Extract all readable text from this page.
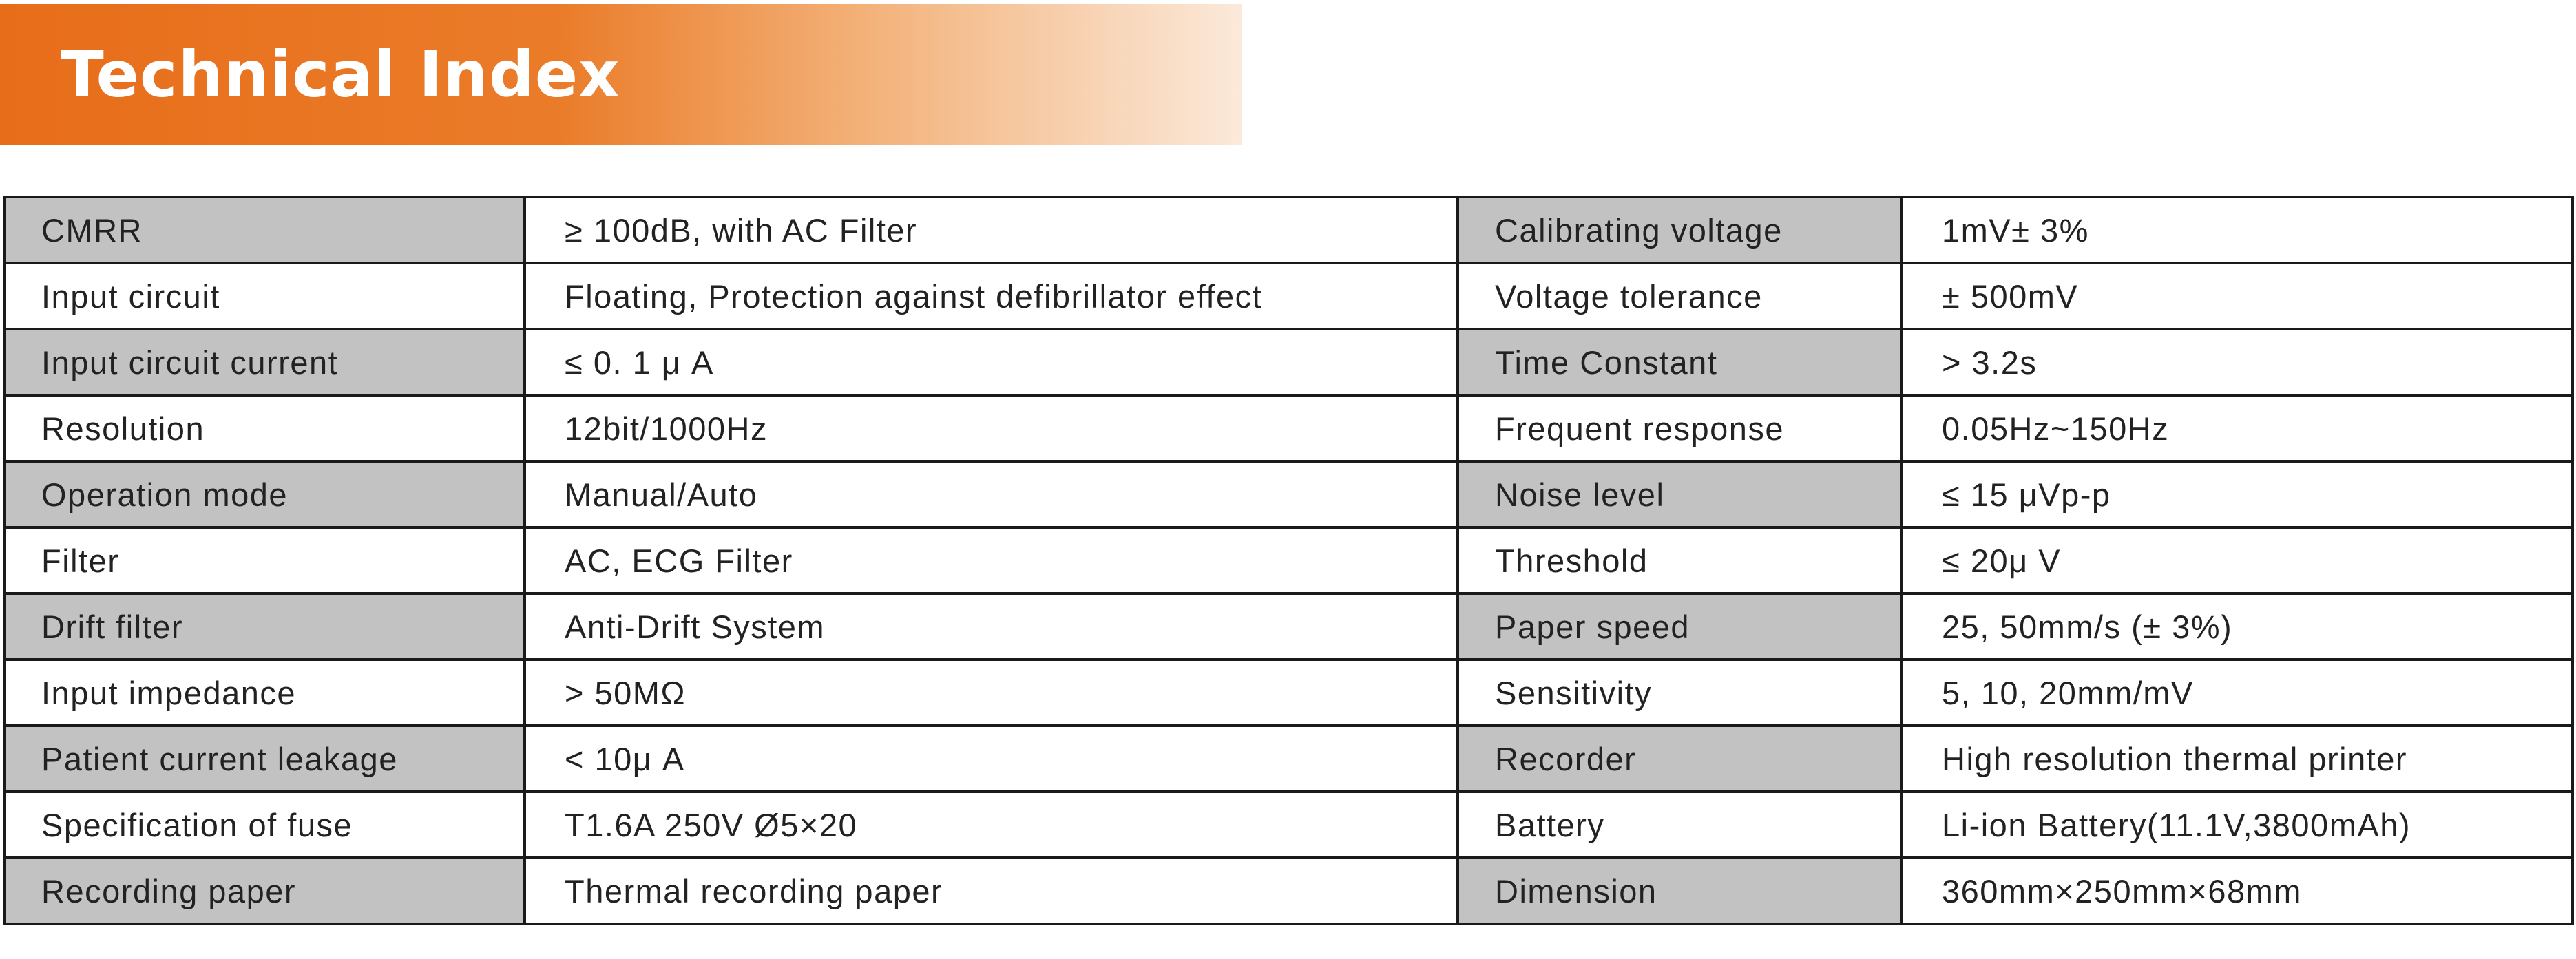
Technical Index
CMRR	≥ 100dB, with AC Filter	Calibrating voltage	1mV± 3%
Input circuit	Floating, Protection against defibrillator effect	Voltage tolerance	± 500mV
Input circuit current	≤ 0. 1 μ A	Time Constant	> 3.2s
Resolution	12bit/1000Hz	Frequent response	0.05Hz~150Hz
Operation mode	Manual/Auto	Noise level	≤ 15 μVp-p
Filter	AC, ECG Filter	Threshold	≤ 20μ V
Drift filter	Anti-Drift System	Paper speed	25, 50mm/s (± 3%)
Input impedance	> 50MΩ	Sensitivity	5, 10, 20mm/mV
Patient current leakage	< 10μ A	Recorder	High resolution thermal printer
Specification of fuse	T1.6A 250V Ø5×20	Battery	Li-ion Battery(11.1V,3800mAh)
Recording paper	Thermal recording paper	Dimension	360mm×250mm×68mm
